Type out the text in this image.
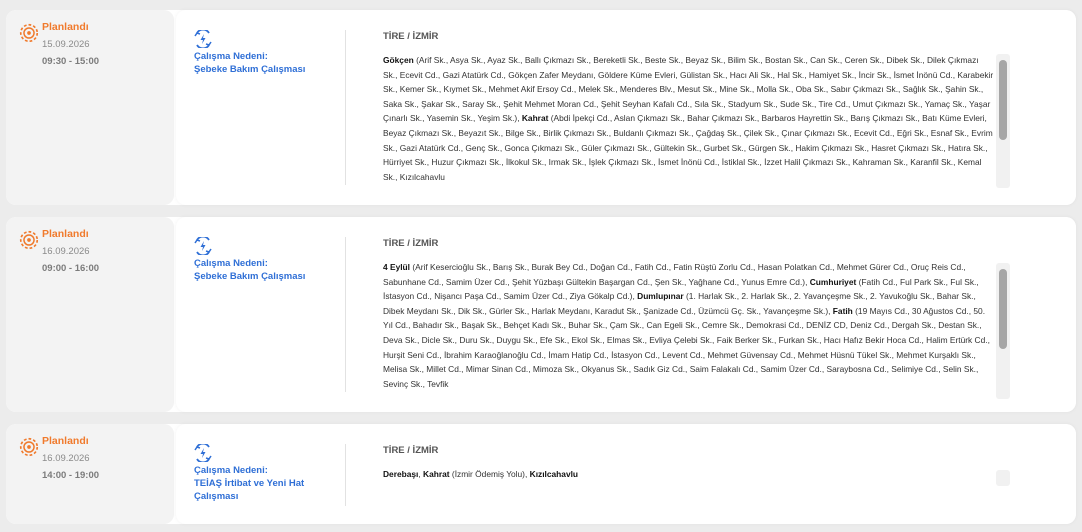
Planlandı
15.09.2026
09:30 - 15:00	Çalışma Nedeni:
Şebeke Bakım Çalışması
TİRE / İZMİR
Gökçen (Arif Sk., Asya Sk., Ayaz Sk., Ballı Çıkmazı Sk., Bereketli Sk., Beste Sk., Beyaz Sk., Bilim Sk., Bostan Sk., Can Sk., Ceren Sk., Dibek Sk., Dilek Çıkmazı Sk., Ecevit Cd., Gazi Atatürk Cd., Gökçen Zafer Meydanı, Göldere Küme Evleri, Gülistan Sk., Hacı Ali Sk., Hal Sk., Hamiyet Sk., İncir Sk., İsmet İnönü Cd., Karabekir Sk., Kemer Sk., Kıymet Sk., Mehmet Akif Ersoy Cd., Melek Sk., Menderes Blv., Mesut Sk., Mine Sk., Molla Sk., Oba Sk., Sabır Çıkmazı Sk., Sağlık Sk., Şahin Sk., Saka Sk., Şakar Sk., Saray Sk., Şehit Mehmet Moran Cd., Şehit Seyhan Kafalı Cd., Sıla Sk., Stadyum Sk., Sude Sk., Tire Cd., Umut Çıkmazı Sk., Yamaç Sk., Yaşar Çınarlı Sk., Yasemin Sk., Yeşim Sk.), Kahrat (Abdi İpekçi Cd., Aslan Çıkmazı Sk., Bahar Çıkmazı Sk., Barbaros Hayrettin Sk., Barış Çıkmazı Sk., Batı Küme Evleri, Beyaz Çıkmazı Sk., Beyazıt Sk., Bilge Sk., Birlik Çıkmazı Sk., Buldanlı Çıkmazı Sk., Çağdaş Sk., Çilek Sk., Çınar Çıkmazı Sk., Ecevit Cd., Eğri Sk., Esnaf Sk., Evrim Sk., Gazi Atatürk Cd., Genç Sk., Gonca Çıkmazı Sk., Güler Çıkmazı Sk., Gültekin Sk., Gurbet Sk., Gürgen Sk., Hakim Çıkmazı Sk., Hasret Çıkmazı Sk., Hatıra Sk., Hürriyet Sk., Huzur Çıkmazı Sk., İlkokul Sk., Irmak Sk., İşlek Çıkmazı Sk., İsmet İnönü Cd., İstiklal Sk., İzzet Halil Çıkmazı Sk., Kahraman Sk., Karanfil Sk., Kemal Sk., Kızılcahavlu
Planlandı
16.09.2026
09:00 - 16:00	Çalışma Nedeni:
Şebeke Bakım Çalışması
TİRE / İZMİR
4 Eylül (Arif Kesercioğlu Sk., Barış Sk., Burak Bey Cd., Doğan Cd., Fatih Cd., Fatin Rüştü Zorlu Cd., Hasan Polatkan Cd., Mehmet Gürer Cd., Oruç Reis Cd., Sabunhane Cd., Samim Üzer Cd., Şehit Yüzbaşı Gültekin Başargan Cd., Şen Sk., Yağhane Cd., Yunus Emre Cd.), Cumhuriyet (Fatih Cd., Ful Park Sk., Ful Sk., İstasyon Cd., Nişancı Paşa Cd., Samim Üzer Cd., Ziya Gökalp Cd.), Dumlupınar (1. Harlak Sk., 2. Harlak Sk., 2. Yavançeşme Sk., 2. Yavukoğlu Sk., Bahar Sk., Dibek Meydanı Sk., Dik Sk., Gürler Sk., Harlak Meydanı, Karadut Sk., Şanizade Cd., Üzümcü Gç. Sk., Yavançeşme Sk.), Fatih (19 Mayıs Cd., 30 Ağustos Cd., 50. Yıl Cd., Bahadır Sk., Başak Sk., Behçet Kadı Sk., Buhar Sk., Çam Sk., Can Egeli Sk., Cemre Sk., Demokrasi Cd., DENİZ CD, Deniz Cd., Dergah Sk., Destan Sk., Deva Sk., Dicle Sk., Duru Sk., Duygu Sk., Efe Sk., Ekol Sk., Elmas Sk., Evliya Çelebi Sk., Faik Berker Sk., Furkan Sk., Hacı Hafız Bekir Hoca Cd., Halim Ertürk Cd., Hurşit Seni Cd., İbrahim Karaoğlanoğlu Cd., İmam Hatip Cd., İstasyon Cd., Levent Cd., Mehmet Güvensay Cd., Mehmet Hüsnü Tükel Sk., Mehmet Kurşaklı Sk., Melisa Sk., Millet Cd., Mimar Sinan Cd., Mimoza Sk., Okyanus Sk., Sadık Giz Cd., Saim Falakalı Cd., Samim Üzer Cd., Saraybosna Cd., Selimiye Cd., Selin Sk., Sevinç Sk., Tevfik
Planlandı
16.09.2026
14:00 - 19:00	Çalışma Nedeni:
TEİAŞ İrtibat ve Yeni Hat Çalışması
TİRE / İZMİR
Derebaşı, Kahrat (İzmir Ödemiş Yolu), Kızılcahavlu
